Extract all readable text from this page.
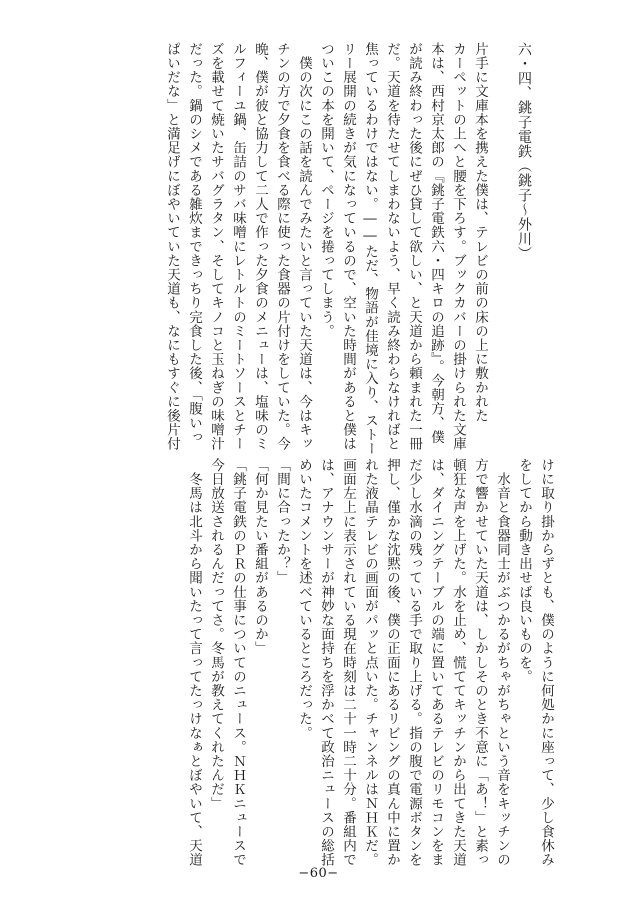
六・四、銚子電鉄（銚子〜外川）
片手に文庫本を携えた僕は、テレビの前の床の上に敷かれた
カーペットの上へと腰を下ろす。ブックカバーの掛けられた文庫
本は、西村京太郎の『銚子電鉄六・四キロの追跡』。今朝方、僕
が読み終わった後にぜひ貸して欲しい、と天道から頼まれた一冊
だ。天道を待たせてしまわないよう、早く読み終わらなければと
焦っているわけではない。――ただ、物語が佳境に入り、ストー
リー展開の続きが気になっているので、空いた時間があると僕は
ついこの本を開いて、ページを捲ってしまう。
　僕の次にこの話を読んでみたいと言っていた天道は、今はキッ
チンの方で夕食を食べる際に使った食器の片付けをしていた。今
晩、僕が彼と協力して二人で作った夕食のメニューは、塩味のミ
ルフィーユ鍋、缶詰のサバ味噌にレトルトのミートソースとチー
ズを載せて焼いたサバグラタン、そしてキノコと玉ねぎの味噌汁
だった。鍋のシメである雑炊まできっちり完食した後、「腹いっ
ぱいだな」と満足げにぼやいていた天道も、なにもすぐに後片付
けに取り掛からずとも、僕のように何処かに座って、少し食休み
をしてから動き出せば良いものを。
　水音と食器同士がぶつかるがちゃがちゃという音をキッチンの
方で響かせていた天道は、しかしそのとき不意に「あ！」と素っ
頓狂な声を上げた。水を止め、慌ててキッチンから出てきた天道
は、ダイニングテーブルの端に置いてあるテレビのリモコンをま
だ少し水滴の残っている手で取り上げる。指の腹で電源ボタンを
押し、僅かな沈黙の後、僕の正面にあるリビングの真ん中に置か
れた液晶テレビの画面がパッと点いた。チャンネルはＮＨＫだ。
画面左上に表示されている現在時刻は二十一時二十分。番組内で
は、アナウンサーが神妙な面持ちを浮かべて政治ニュースの総括
めいたコメントを述べているところだった。
「間に合ったか？」
「何か見たい番組があるのか」
「銚子電鉄のＰＲの仕事についてのニュース。ＮＨＫニュースで
今日放送されるんだってさ。冬馬が教えてくれたんだ」
　冬馬は北斗から聞いたって言ってたっけなぁとぼやいて、天道
−60−
